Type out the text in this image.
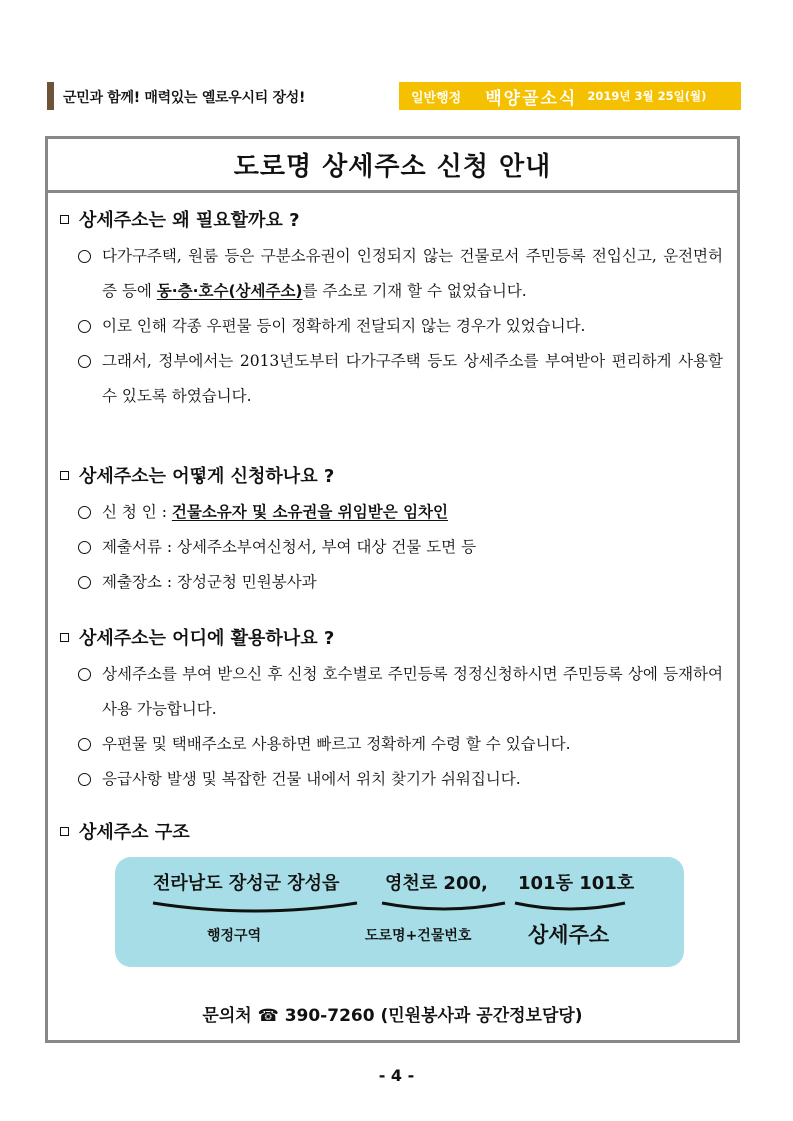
군민과 함께! 매력있는 옐로우시티 장성!	일반행정 백양골소식 2019년 3월 25일(월)
도로명 상세주소 신청 안내
상세주소는 왜 필요할까요 ?
다가구주택, 원룸 등은 구분소유권이 인정되지 않는 건물로서 주민등록 전입신고, 운전면허증 등에 동·층·호수(상세주소)를 주소로 기재 할 수 없었습니다.
이로 인해 각종 우편물 등이 정확하게 전달되지 않는 경우가 있었습니다.
그래서, 정부에서는 2013년도부터 다가구주택 등도 상세주소를 부여받아 편리하게 사용할 수 있도록 하였습니다.
상세주소는 어떻게 신청하나요 ?
신 청 인 : 건물소유자 및 소유권을 위임받은 임차인
제출서류 : 상세주소부여신청서, 부여 대상 건물 도면 등
제출장소 : 장성군청 민원봉사과
상세주소는 어디에 활용하나요 ?
상세주소를 부여 받으신 후 신청 호수별로 주민등록 정정신청하시면 주민등록 상에 등재하여 사용 가능합니다.
우편물 및 택배주소로 사용하면 빠르고 정확하게 수령 할 수 있습니다.
응급사항 발생 및 복잡한 건물 내에서 위치 찾기가 쉬워집니다.
상세주소 구조
전라남도 장성군 장성읍	영천로 200, 101동 101호
행정구역	도로명+건물번호	상세주소
문의처 ☎ 390-7260 (민원봉사과 공간정보담당)
- 4 -
